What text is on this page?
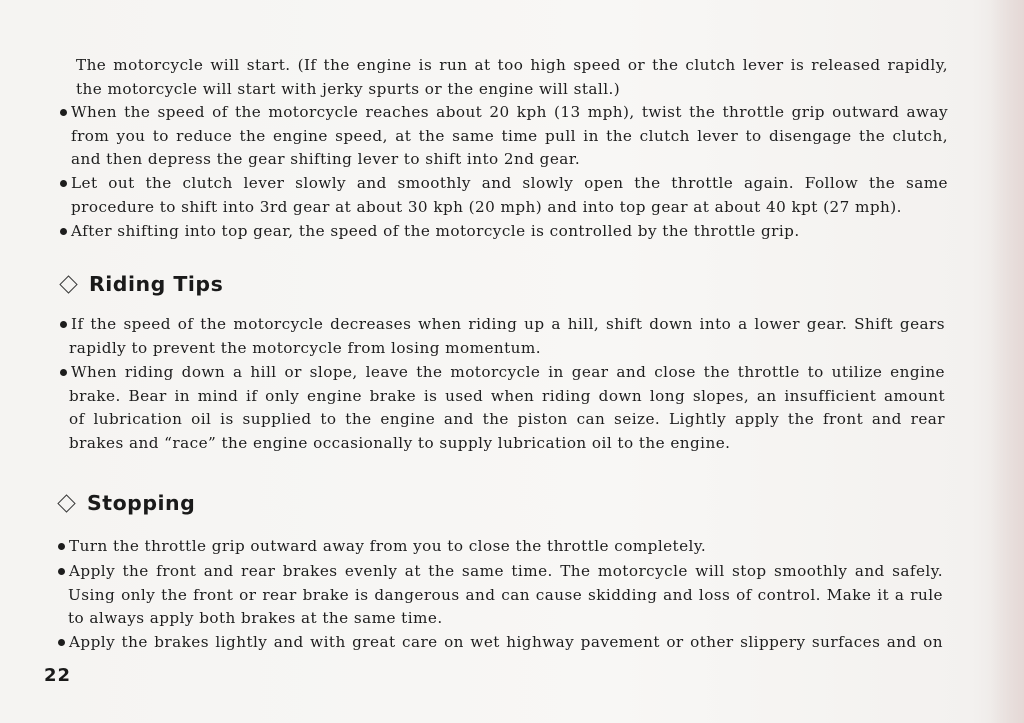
The motorcycle will start. (If the engine is run at too high speed or the clutch lever is released rapidly,
the motorcycle will start with jerky spurts or the engine will stall.)
When the speed of the motorcycle reaches about 20 kph (13 mph), twist the throttle grip outward away
from you to reduce the engine speed, at the same time pull in the clutch lever to disengage the clutch,
and then depress the gear shifting lever to shift into 2nd gear.
Let out the clutch lever slowly and smoothly and slowly open the throttle again. Follow the same
procedure to shift into 3rd gear at about 30 kph (20 mph) and into top gear at about 40 kpt (27 mph).
After shifting into top gear, the speed of the motorcycle is controlled by the throttle grip.
Riding Tips
If the speed of the motorcycle decreases when riding up a hill, shift down into a lower gear. Shift gears
rapidly to prevent the motorcycle from losing momentum.
When riding down a hill or slope, leave the motorcycle in gear and close the throttle to utilize engine
brake. Bear in mind if only engine brake is used when riding down long slopes, an insufficient amount
of lubrication oil is supplied to the engine and the piston can seize. Lightly apply the front and rear
brakes and “race” the engine occasionally to supply lubrication oil to the engine.
Stopping
Turn the throttle grip outward away from you to close the throttle completely.
Apply the front and rear brakes evenly at the same time. The motorcycle will stop smoothly and safely.
Using only the front or rear brake is dangerous and can cause skidding and loss of control. Make it a rule
to always apply both brakes at the same time.
Apply the brakes lightly and with great care on wet highway pavement or other slippery surfaces and on
22
